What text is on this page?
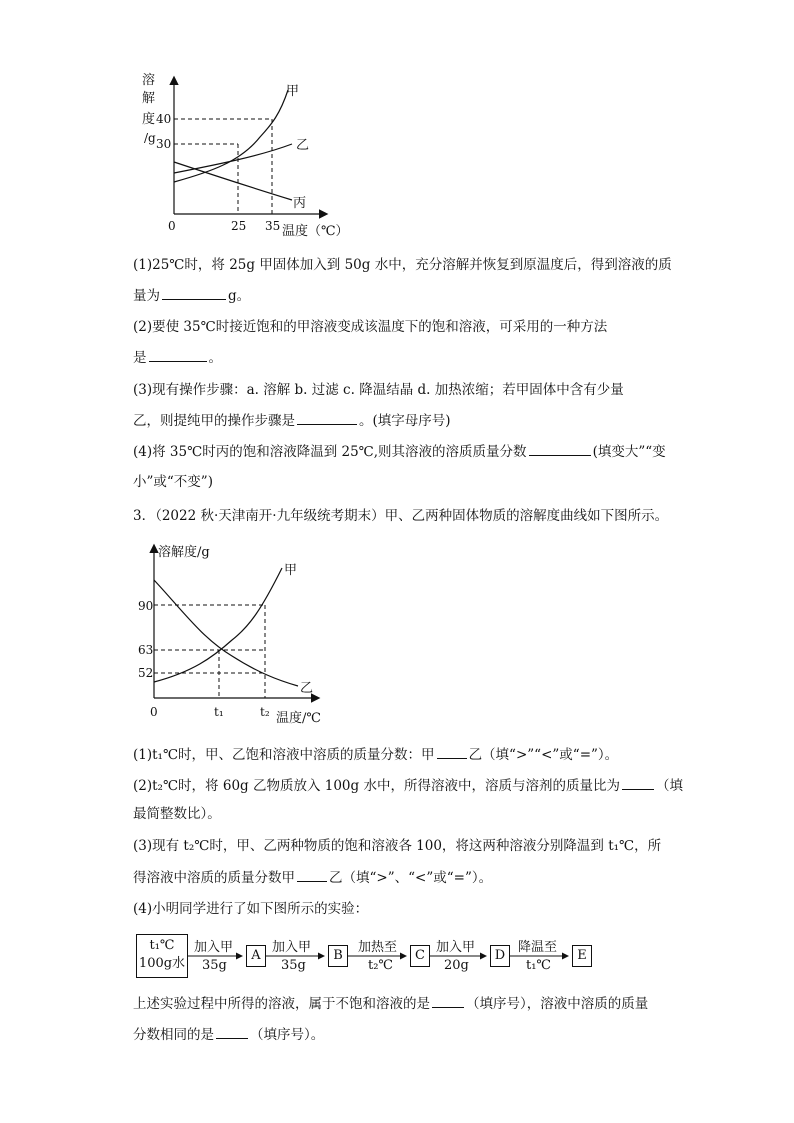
溶
解
度 40
/g 30
0	25 35 温度（℃）
甲
乙
丙
(1)25℃时，将 25g 甲固体加入到 50g 水中，充分溶解并恢复到原温度后，得到溶液的质
量为	g。
(2)要使 35℃时接近饱和的甲溶液变成该温度下的饱和溶液，可采用的一种方法
是	。
(3)现有操作步骤：a. 溶解 b. 过滤 c. 降温结晶 d. 加热浓缩；若甲固体中含有少量
乙，则提纯甲的操作步骤是	。(填字母序号)
(4)将 35℃时丙的饱和溶液降温到 25℃,则其溶液的溶质质量分数	(填变大”“变
小”或“不变”)
3．（2022 秋·天津南开·九年级统考期末）甲、乙两种固体物质的溶解度曲线如下图所示。
溶解度/g
90
63
52
0	t₁	t₂ 温度/℃
甲
乙
(1)t₁℃时，甲、乙饱和溶液中溶质的质量分数：甲	乙（填“>”“<”或“=”）。
(2)t₂℃时，将 60g 乙物质放入 100g 水中，所得溶液中，溶质与溶剂的质量比为	（填
最简整数比）。
(3)现有 t₂℃时，甲、乙两种物质的饱和溶液各 100，将这两种溶液分别降温到 t₁℃，所
得溶液中溶质的质量分数甲	乙（填“>”、“<”或“=”）。
(4)小明同学进行了如下图所示的实验：
t₁℃
100g水
加入甲
35g
A
加入甲
35g
B
加热至
t₂℃
C
加入甲
20g
D
降温至
t₁℃
E
上述实验过程中所得的溶液，属于不饱和溶液的是	（填序号），溶液中溶质的质量
分数相同的是	（填序号）。
